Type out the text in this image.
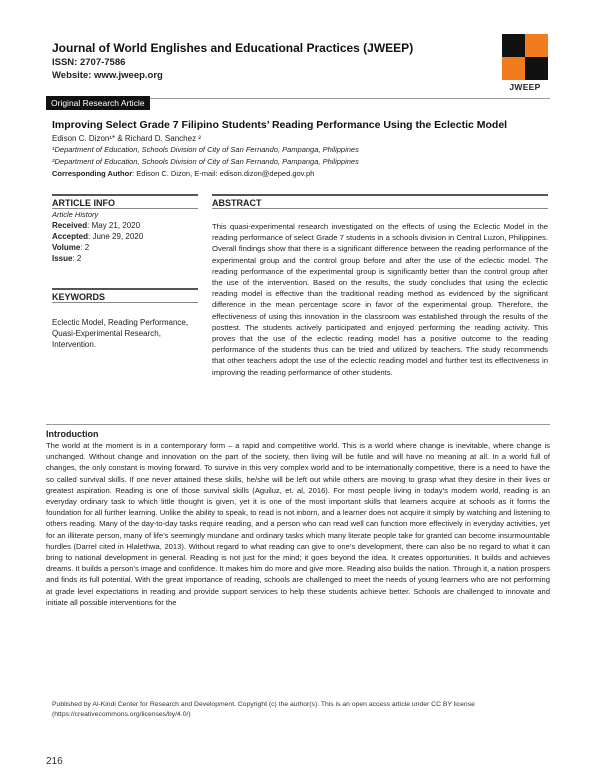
Journal of World Englishes and Educational Practices (JWEEP)
ISSN: 2707-7586
Website: www.jweep.org
JWEEP
Original Research Article
Improving Select Grade 7 Filipino Students’ Reading Performance Using the Eclectic Model
Edison C. Dizon¹* & Richard D. Sanchez ²
¹Department of Education, Schools Division of City of San Fernando, Pampanga, Philippines
²Department of Education, Schools Division of City of San Fernando, Pampanga, Philippines
Corresponding Author: Edison C. Dizon, E-mail: edison.dizon@deped.gov.ph
ARTICLE INFO
Article History
Received: May 21, 2020
Accepted: June 29, 2020
Volume: 2
Issue: 2
KEYWORDS
Eclectic Model, Reading Performance, Quasi-Experimental Research, Intervention.
ABSTRACT
This quasi-experimental research investigated on the effects of using the Eclectic Model in the reading performance of select Grade 7 students in a schools division in Central Luzon, Philippines. Overall findings show that there is a significant difference between the reading performance of the experimental group and the control group before and after the use of the eclectic model. The reading performance of the experimental group is significantly better than the control group after the use of the intervention. Based on the results, the study concludes that using the eclectic reading model is effective than the traditional reading method as evidenced by the significant difference in the mean percentage score in favor of the experimental group. Therefore, the effectiveness of using this innovation in the classroom was established through the results of the posttest. The students actively participated and enjoyed performing the reading activity. This proves that the use of the eclectic reading model has a positive outcome to the reading performance of the students thus can be tried and utilized by teachers. The study recommends that other teachers adopt the use of the eclectic reading model and further test its effectiveness in improving the reading performance of other students.
Introduction
The world at the moment is in a contemporary form – a rapid and competitive world. This is a world where change is inevitable, where change is unchanged. Without change and innovation on the part of the society, then living will be futile and will have no meaning at all. In a world full of changes, the only constant is moving forward. To survive in this very complex world and to be internationally competitive, there is a need to have the so called survival skills. If one never attained these skills, he/she will be left out while others are moving to grasp what they desire in their lives or greatest aspiration. Reading is one of those survival skills (Aguiluz, et. al, 2016). For most people living in today’s modern world, reading is an everyday ordinary task to which little thought is given, yet it is one of the most important skills that learners acquire at schools as it forms the foundation for all further learning. Unlike the ability to speak, to read is not inborn, and a learner does not acquire it simply by watching and listening to others reading. Many of the day-to-day tasks require reading, and a person who can read well can function more effectively in everyday activities, yet for an illiterate person, many of life’s seemingly mundane and ordinary tasks which many literate people take for granted can become insurmountable hurdles (Darrel cited in Hlalethwa, 2013). Without regard to what reading can give to one’s development, there can also be no regard to what it can bring to national development in general. Reading is not just for the mind; it goes beyond the idea. It creates opportunities. It builds and achieves dreams. It builds a person’s image and confidence. It makes him do more and give more. Reading also builds the nation. Through it, a nation prospers and finds its full potential. With the great importance of reading, schools are challenged to meet the needs of young learners who are not performing at grade level expectations in reading and provide support services to help these students achieve better. Schools are challenged to innovate and initiate all possible interventions for the
Published by Al-Kindi Center for Research and Development. Copyright (c) the author(s). This is an open access article under CC BY license (https://creativecommons.org/licenses/by/4.0/)
216
